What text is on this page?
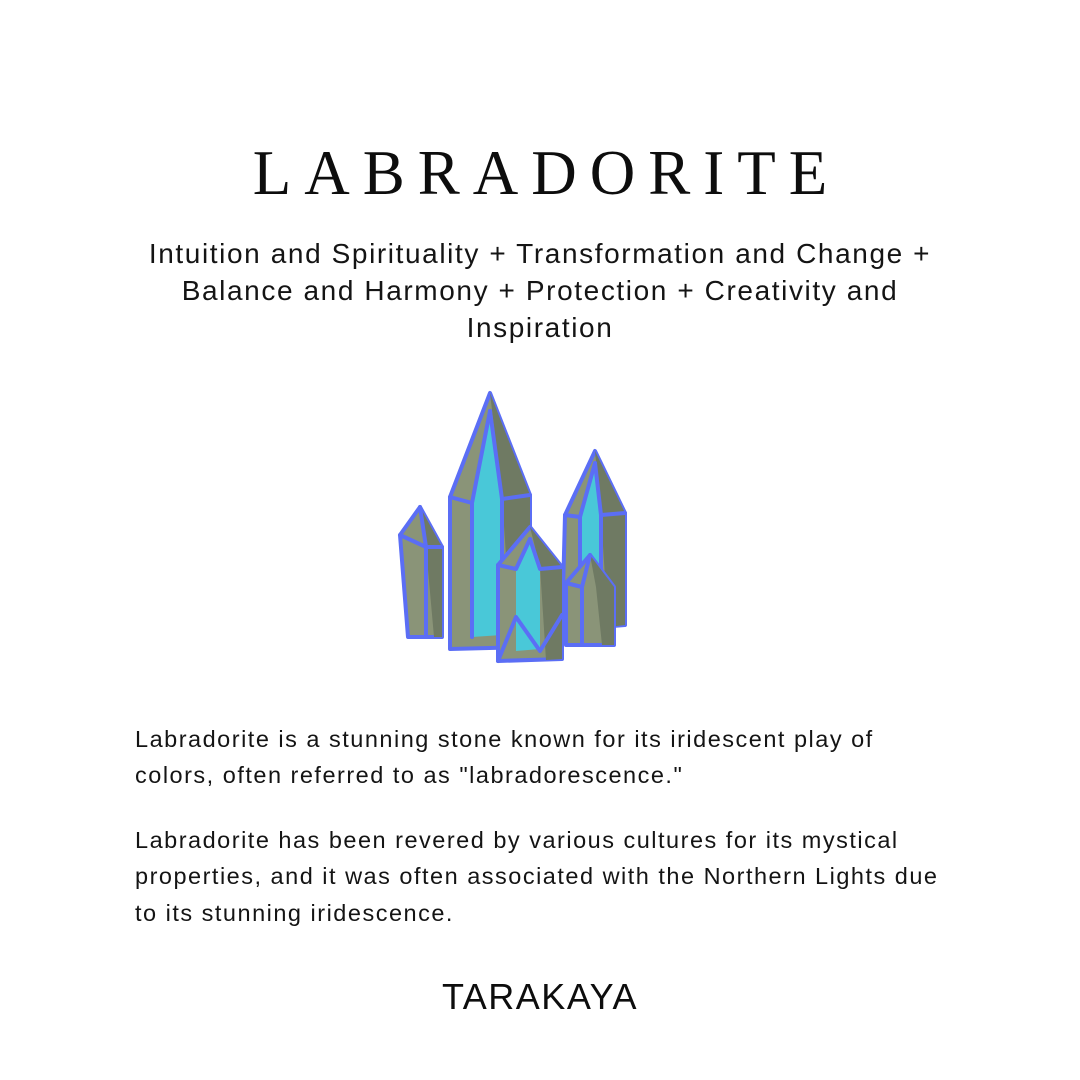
LABRADORITE
Intuition and Spirituality + Transformation and Change + Balance and Harmony + Protection + Creativity and Inspiration

Labradorite is a stunning stone known for its iridescent play of colors, often referred to as "labradorescence."

Labradorite has been revered by various cultures for its mystical properties, and it was often associated with the Northern Lights due to its stunning iridescence.

TARAKAYA
